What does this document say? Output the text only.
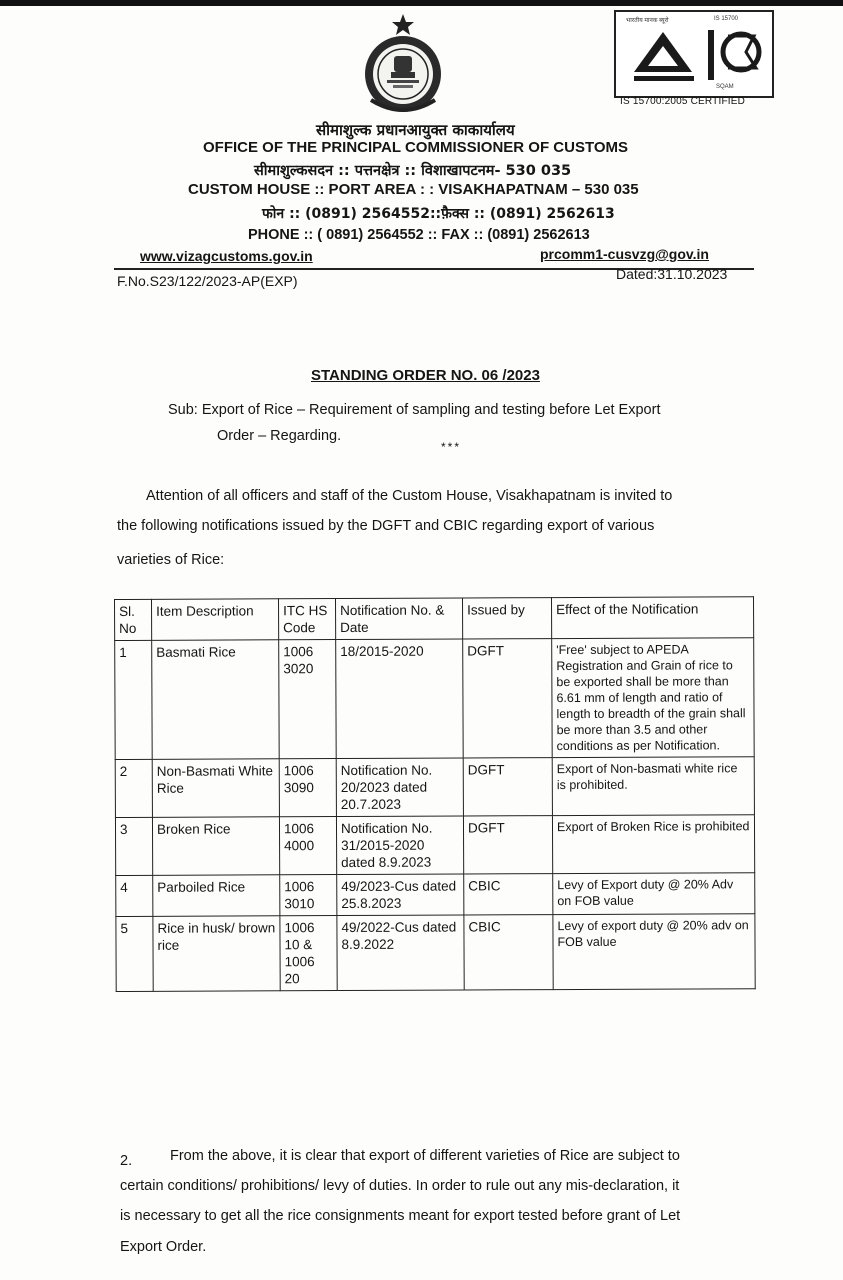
भारतीय मानक ब्यूरो	IS 15700
SQAM
IS 15700:2005 CERTIFIED
सीमाशुल्क प्रधानआयुक्त काकार्यालय
OFFICE OF THE PRINCIPAL COMMISSIONER OF CUSTOMS
सीमाशुल्कसदन :: पत्तनक्षेत्र :: विशाखापटनम- 530 035
CUSTOM HOUSE :: PORT AREA : : VISAKHAPATNAM – 530 035
फोन :: (0891) 2564552::फ़ैक्स :: (0891) 2562613
PHONE :: ( 0891) 2564552 :: FAX :: (0891) 2562613
www.vizagcustoms.gov.in	prcomm1-cusvzg@gov.in
F.No.S23/122/2023-AP(EXP)	Dated:31.10.2023
STANDING ORDER NO. 06 /2023
Sub: Export of Rice – Requirement of sampling and testing before Let Export
Order – Regarding.
***
Attention of all officers and staff of the Custom House, Visakhapatnam is invited to
the following notifications issued by the DGFT and CBIC regarding export of various
varieties of Rice:
Sl. No	Item Description	ITC HS Code	Notification No. & Date	Issued by	Effect of the Notification
1	Basmati Rice	1006 3020	18/2015-2020	DGFT	'Free' subject to APEDA Registration and Grain of rice to be exported shall be more than 6.61 mm of length and ratio of length to breadth of the grain shall be more than 3.5 and other conditions as per Notification.
2	Non-Basmati White Rice	1006 3090	Notification No. 20/2023 dated 20.7.2023	DGFT	Export of Non-basmati white rice is prohibited.
3	Broken Rice	1006 4000	Notification No. 31/2015-2020 dated 8.9.2023	DGFT	Export of Broken Rice is prohibited
4	Parboiled Rice	1006 3010	49/2023-Cus dated 25.8.2023	CBIC	Levy of Export duty @ 20% Adv on FOB value
5	Rice in husk/ brown rice	1006 10 & 1006 20	49/2022-Cus dated 8.9.2022	CBIC	Levy of export duty @ 20% adv on FOB value
2.	From the above, it is clear that export of different varieties of Rice are subject to
certain conditions/ prohibitions/ levy of duties. In order to rule out any mis-declaration, it
is necessary to get all the rice consignments meant for export tested before grant of Let
Export Order.
